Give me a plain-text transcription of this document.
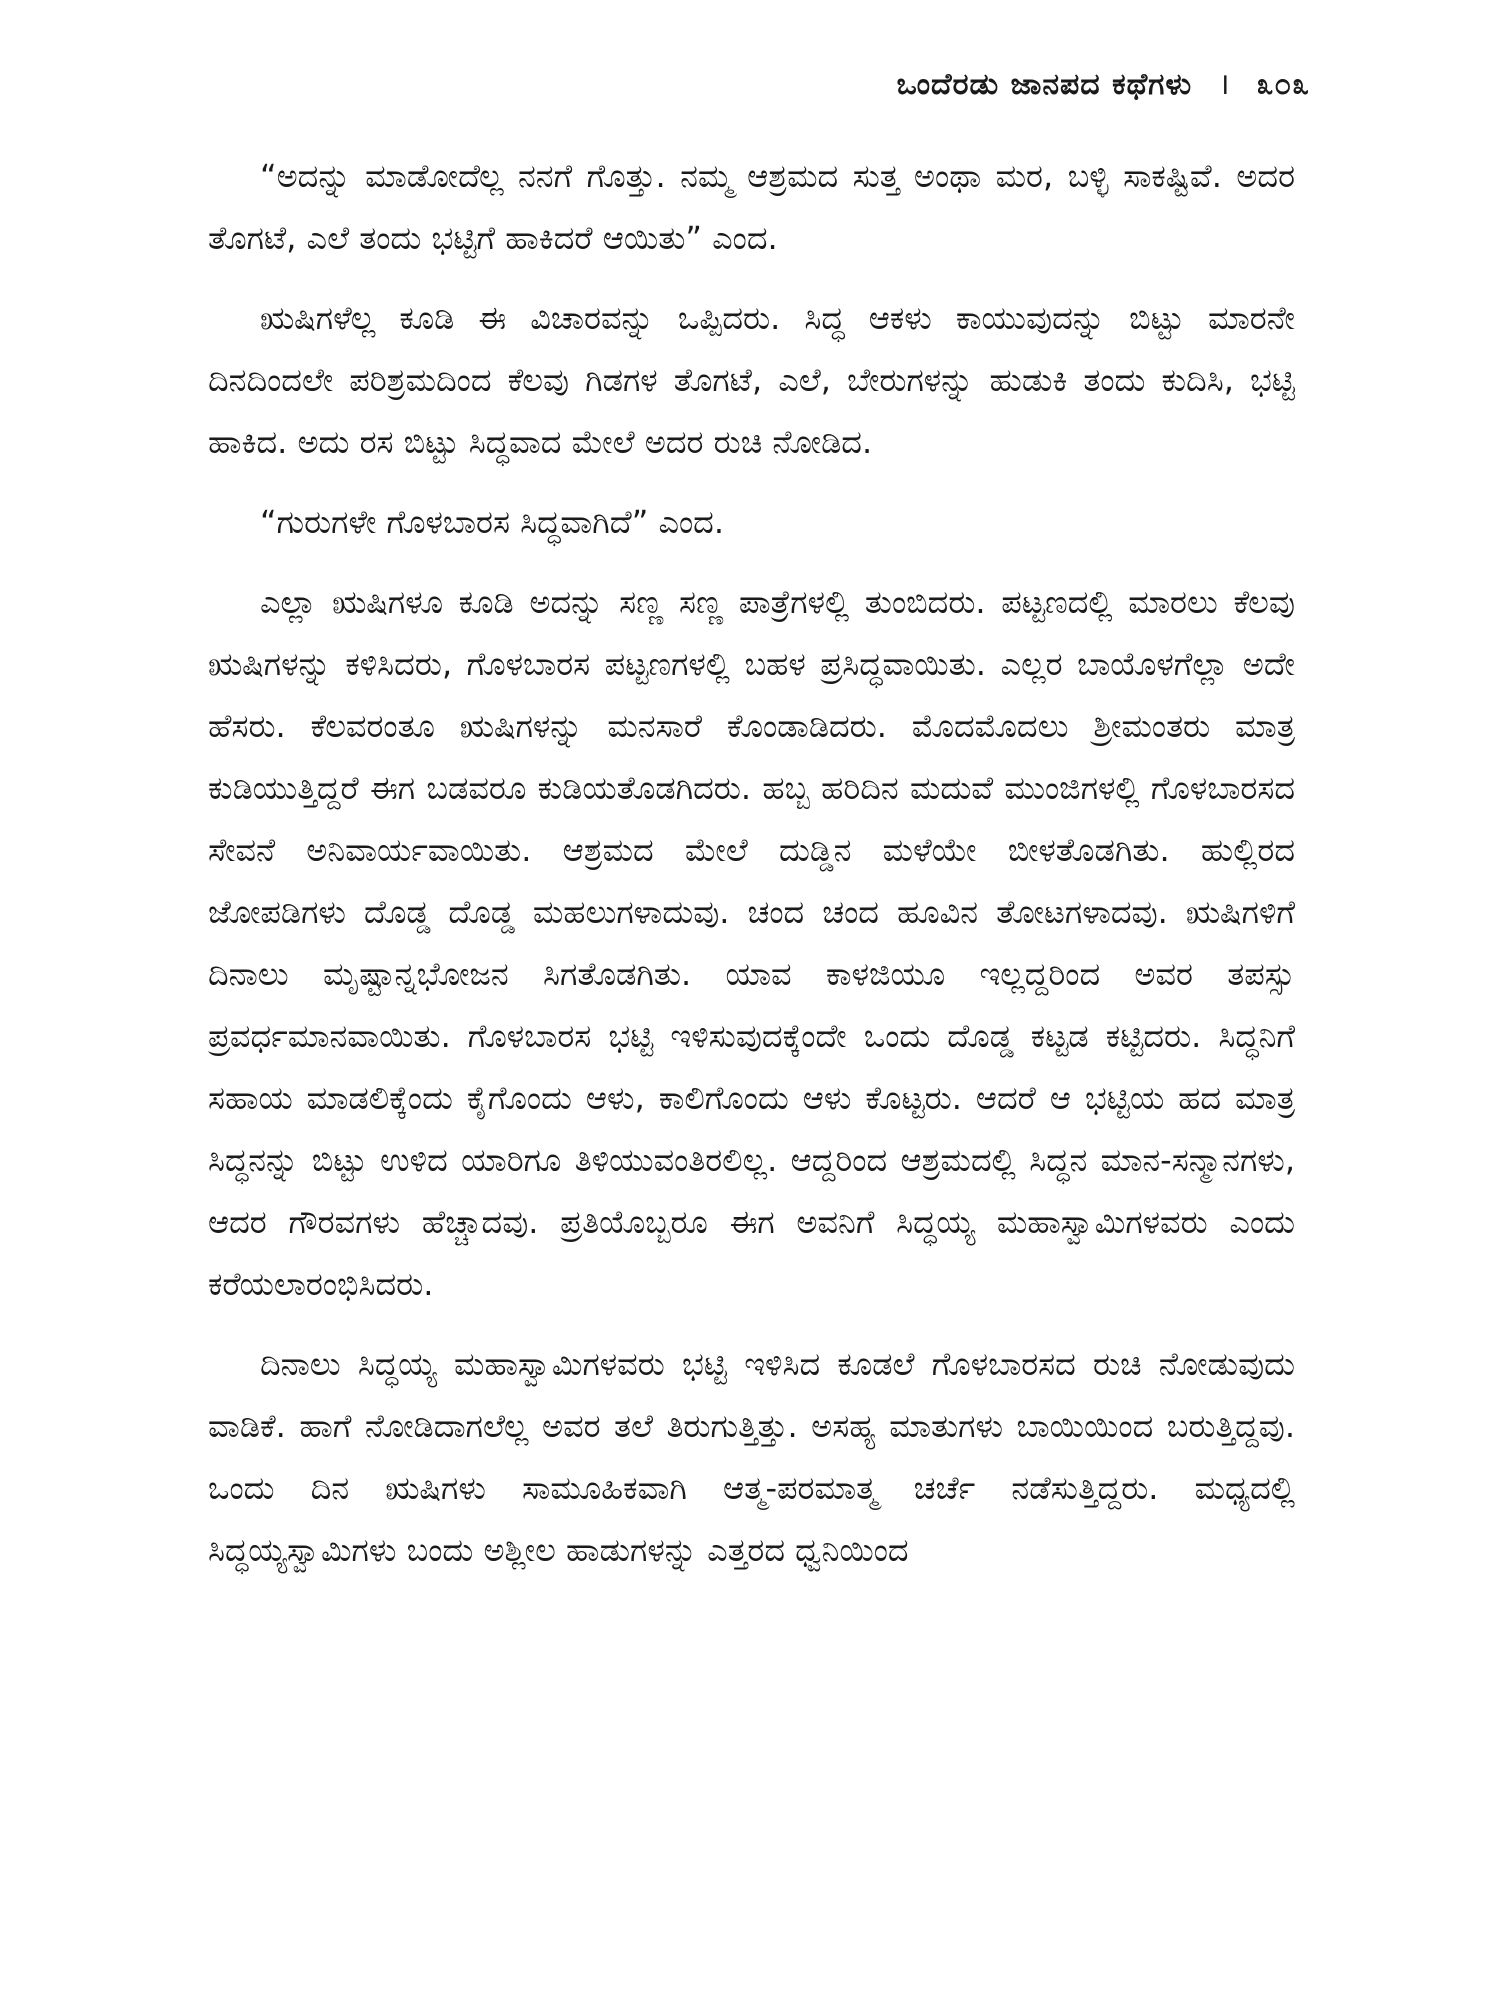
ಒಂದೆರಡು ಜಾನಪದ ಕಥೆಗಳು । ೩೦೩

“ಅದನ್ನು ಮಾಡೋದೆಲ್ಲ ನನಗೆ ಗೊತ್ತು. ನಮ್ಮ ಆಶ್ರಮದ ಸುತ್ತ ಅಂಥಾ ಮರ, ಬಳ್ಳಿ ಸಾಕಷ್ಟಿವೆ. ಅದರ ತೊಗಟೆ, ಎಲೆ ತಂದು ಭಟ್ಟಿಗೆ ಹಾಕಿದರೆ ಆಯಿತು” ಎಂದ.

ಋಷಿಗಳೆಲ್ಲ ಕೂಡಿ ಈ ವಿಚಾರವನ್ನು ಒಪ್ಪಿದರು. ಸಿದ್ಧ ಆಕಳು ಕಾಯುವುದನ್ನು ಬಿಟ್ಟು ಮಾರನೇ ದಿನದಿಂದಲೇ ಪರಿಶ್ರಮದಿಂದ ಕೆಲವು ಗಿಡಗಳ ತೊಗಟೆ, ಎಲೆ, ಬೇರುಗಳನ್ನು ಹುಡುಕಿ ತಂದು ಕುದಿಸಿ, ಭಟ್ಟಿ ಹಾಕಿದ. ಅದು ರಸ ಬಿಟ್ಟು ಸಿದ್ಧವಾದ ಮೇಲೆ ಅದರ ರುಚಿ ನೋಡಿದ.

“ಗುರುಗಳೇ ಗೊಳಬಾರಸ ಸಿದ್ಧವಾಗಿದೆ” ಎಂದ.

ಎಲ್ಲಾ ಋಷಿಗಳೂ ಕೂಡಿ ಅದನ್ನು ಸಣ್ಣ ಸಣ್ಣ ಪಾತ್ರೆಗಳಲ್ಲಿ ತುಂಬಿದರು. ಪಟ್ಟಣದಲ್ಲಿ ಮಾರಲು ಕೆಲವು ಋಷಿಗಳನ್ನು ಕಳಿಸಿದರು, ಗೊಳಬಾರಸ ಪಟ್ಟಣಗಳಲ್ಲಿ ಬಹಳ ಪ್ರಸಿದ್ಧವಾಯಿತು. ಎಲ್ಲರ ಬಾಯೊಳಗೆಲ್ಲಾ ಅದೇ ಹೆಸರು. ಕೆಲವರಂತೂ ಋಷಿಗಳನ್ನು ಮನಸಾರೆ ಕೊಂಡಾಡಿದರು. ಮೊದಮೊದಲು ಶ್ರೀಮಂತರು ಮಾತ್ರ ಕುಡಿಯುತ್ತಿದ್ದರೆ ಈಗ ಬಡವರೂ ಕುಡಿಯತೊಡಗಿದರು. ಹಬ್ಬ ಹರಿದಿನ ಮದುವೆ ಮುಂಜಿಗಳಲ್ಲಿ ಗೊಳಬಾರಸದ ಸೇವನೆ ಅನಿವಾರ್ಯವಾಯಿತು. ಆಶ್ರಮದ ಮೇಲೆ ದುಡ್ಡಿನ ಮಳೆಯೇ ಬೀಳತೊಡಗಿತು. ಹುಲ್ಲಿರದ ಜೋಪಡಿಗಳು ದೊಡ್ಡ ದೊಡ್ಡ ಮಹಲುಗಳಾದುವು. ಚಂದ ಚಂದ ಹೂವಿನ ತೋಟಗಳಾದವು. ಋಷಿಗಳಿಗೆ ದಿನಾಲು ಮೃಷ್ಟಾನ್ನಭೋಜನ ಸಿಗತೊಡಗಿತು. ಯಾವ ಕಾಳಜಿಯೂ ಇಲ್ಲದ್ದರಿಂದ ಅವರ ತಪಸ್ಸು ಪ್ರವರ್ಧಮಾನವಾಯಿತು. ಗೊಳಬಾರಸ ಭಟ್ಟಿ ಇಳಿಸುವುದಕ್ಕೆಂದೇ ಒಂದು ದೊಡ್ಡ ಕಟ್ಟಡ ಕಟ್ಟಿದರು. ಸಿದ್ಧನಿಗೆ ಸಹಾಯ ಮಾಡಲಿಕ್ಕೆಂದು ಕೈಗೊಂದು ಆಳು, ಕಾಲಿಗೊಂದು ಆಳು ಕೊಟ್ಟರು. ಆದರೆ ಆ ಭಟ್ಟಿಯ ಹದ ಮಾತ್ರ ಸಿದ್ಧನನ್ನು ಬಿಟ್ಟು ಉಳಿದ ಯಾರಿಗೂ ತಿಳಿಯುವಂತಿರಲಿಲ್ಲ. ಆದ್ದರಿಂದ ಆಶ್ರಮದಲ್ಲಿ ಸಿದ್ಧನ ಮಾನ-ಸನ್ಮಾನಗಳು, ಆದರ ಗೌರವಗಳು ಹೆಚ್ಚಾದವು. ಪ್ರತಿಯೊಬ್ಬರೂ ಈಗ ಅವನಿಗೆ ಸಿದ್ಧಯ್ಯ ಮಹಾಸ್ವಾಮಿಗಳವರು ಎಂದು ಕರೆಯಲಾರಂಭಿಸಿದರು.

ದಿನಾಲು ಸಿದ್ಧಯ್ಯ ಮಹಾಸ್ವಾಮಿಗಳವರು ಭಟ್ಟಿ ಇಳಿಸಿದ ಕೂಡಲೆ ಗೊಳಬಾರಸದ ರುಚಿ ನೋಡುವುದು ವಾಡಿಕೆ. ಹಾಗೆ ನೋಡಿದಾಗಲೆಲ್ಲ ಅವರ ತಲೆ ತಿರುಗುತ್ತಿತ್ತು. ಅಸಹ್ಯ ಮಾತುಗಳು ಬಾಯಿಯಿಂದ ಬರುತ್ತಿದ್ದವು. ಒಂದು ದಿನ ಋಷಿಗಳು ಸಾಮೂಹಿಕವಾಗಿ ಆತ್ಮ-ಪರಮಾತ್ಮ ಚರ್ಚೆ ನಡೆಸುತ್ತಿದ್ದರು. ಮಧ್ಯದಲ್ಲಿ ಸಿದ್ಧಯ್ಯಸ್ವಾಮಿಗಳು ಬಂದು ಅಶ್ಲೀಲ ಹಾಡುಗಳನ್ನು ಎತ್ತರದ ಧ್ವನಿಯಿಂದ
